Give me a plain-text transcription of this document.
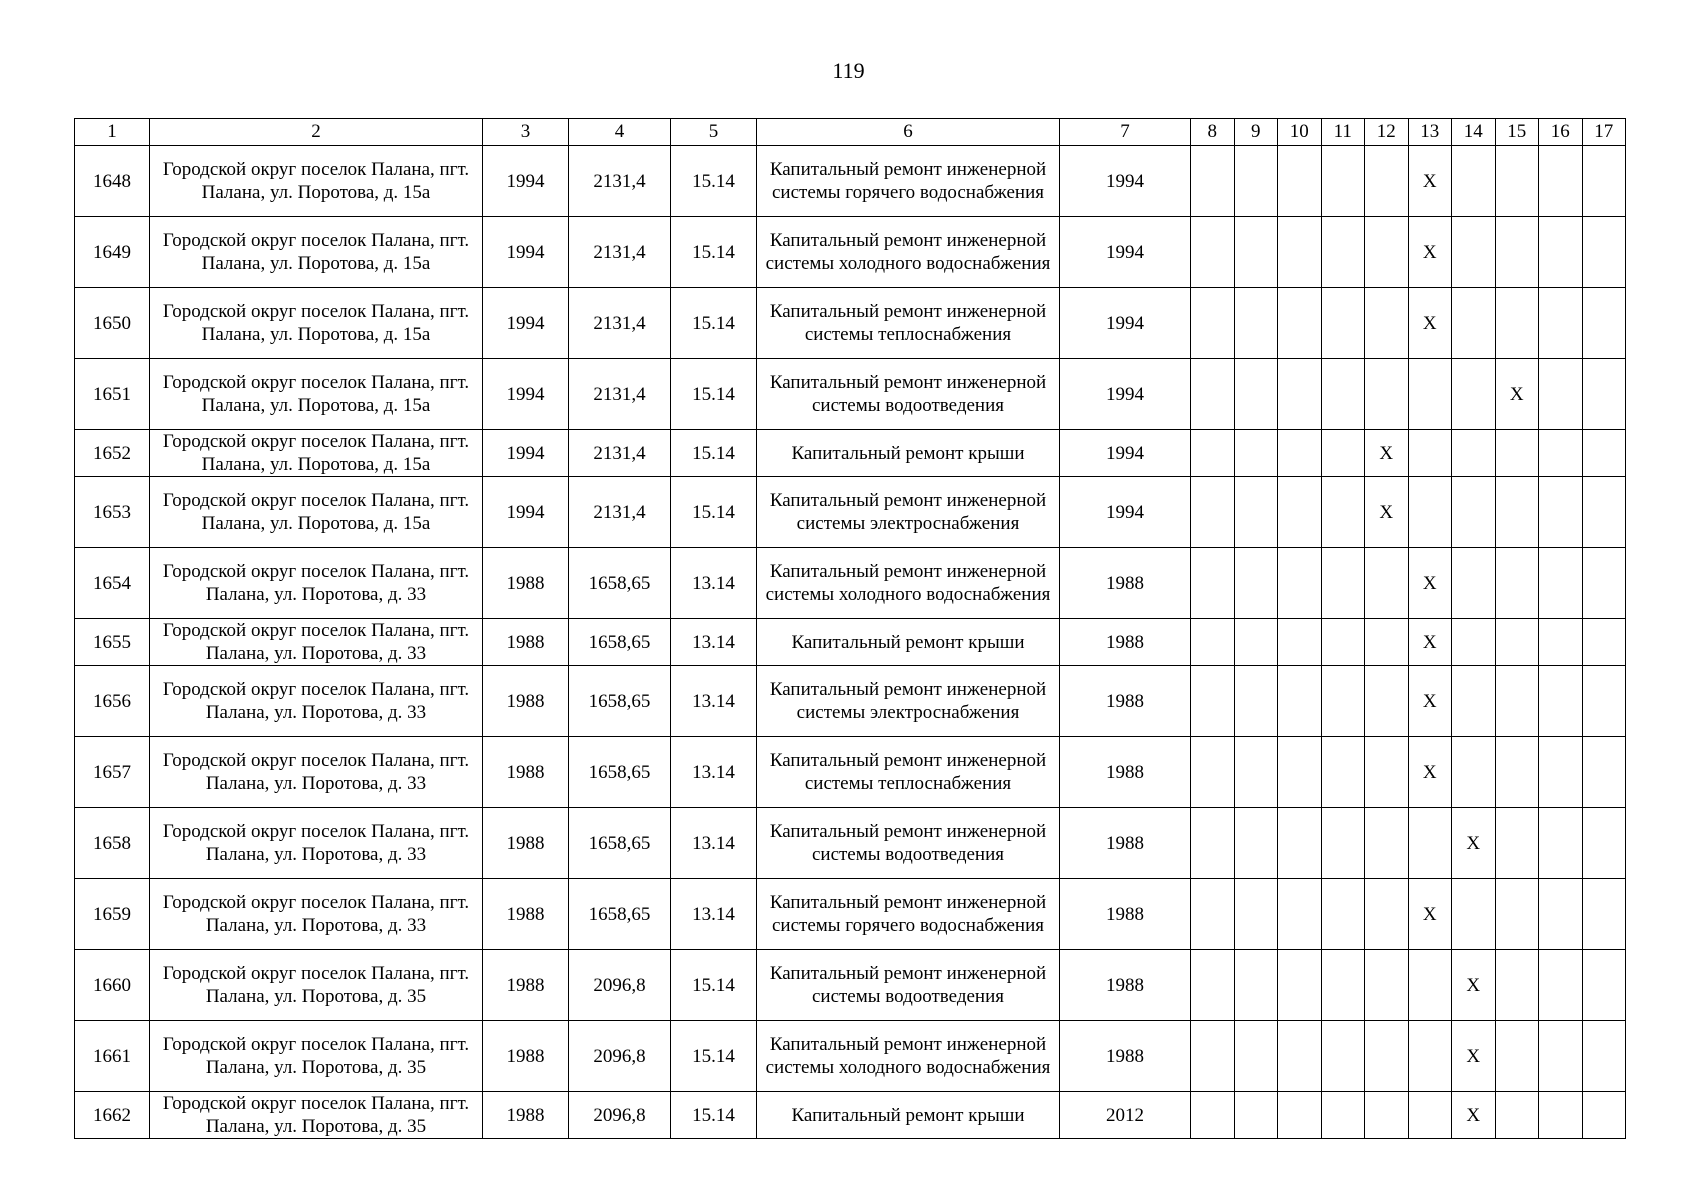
119
1	2	3	4	5	6	7	8	9	10	11	12	13	14	15	16	17
1648	Городской округ поселок Палана, пгт. Палана, ул. Поротова, д. 15а	1994	2131,4	15.14	Капитальный ремонт инженерной системы горячего водоснабжения	1994						X				
1649	Городской округ поселок Палана, пгт. Палана, ул. Поротова, д. 15а	1994	2131,4	15.14	Капитальный ремонт инженерной системы холодного водоснабжения	1994						X				
1650	Городской округ поселок Палана, пгт. Палана, ул. Поротова, д. 15а	1994	2131,4	15.14	Капитальный ремонт инженерной системы теплоснабжения	1994						X				
1651	Городской округ поселок Палана, пгт. Палана, ул. Поротова, д. 15а	1994	2131,4	15.14	Капитальный ремонт инженерной системы водоотведения	1994								X		
1652	Городской округ поселок Палана, пгт. Палана, ул. Поротова, д. 15а	1994	2131,4	15.14	Капитальный ремонт крыши	1994					X					
1653	Городской округ поселок Палана, пгт. Палана, ул. Поротова, д. 15а	1994	2131,4	15.14	Капитальный ремонт инженерной системы электроснабжения	1994					X					
1654	Городской округ поселок Палана, пгт. Палана, ул. Поротова, д. 33	1988	1658,65	13.14	Капитальный ремонт инженерной системы холодного водоснабжения	1988						X				
1655	Городской округ поселок Палана, пгт. Палана, ул. Поротова, д. 33	1988	1658,65	13.14	Капитальный ремонт крыши	1988						X				
1656	Городской округ поселок Палана, пгт. Палана, ул. Поротова, д. 33	1988	1658,65	13.14	Капитальный ремонт инженерной системы электроснабжения	1988						X				
1657	Городской округ поселок Палана, пгт. Палана, ул. Поротова, д. 33	1988	1658,65	13.14	Капитальный ремонт инженерной системы теплоснабжения	1988						X				
1658	Городской округ поселок Палана, пгт. Палана, ул. Поротова, д. 33	1988	1658,65	13.14	Капитальный ремонт инженерной системы водоотведения	1988							X			
1659	Городской округ поселок Палана, пгт. Палана, ул. Поротова, д. 33	1988	1658,65	13.14	Капитальный ремонт инженерной системы горячего водоснабжения	1988						X				
1660	Городской округ поселок Палана, пгт. Палана, ул. Поротова, д. 35	1988	2096,8	15.14	Капитальный ремонт инженерной системы водоотведения	1988							X			
1661	Городской округ поселок Палана, пгт. Палана, ул. Поротова, д. 35	1988	2096,8	15.14	Капитальный ремонт инженерной системы холодного водоснабжения	1988							X			
1662	Городской округ поселок Палана, пгт. Палана, ул. Поротова, д. 35	1988	2096,8	15.14	Капитальный ремонт крыши	2012							X			
